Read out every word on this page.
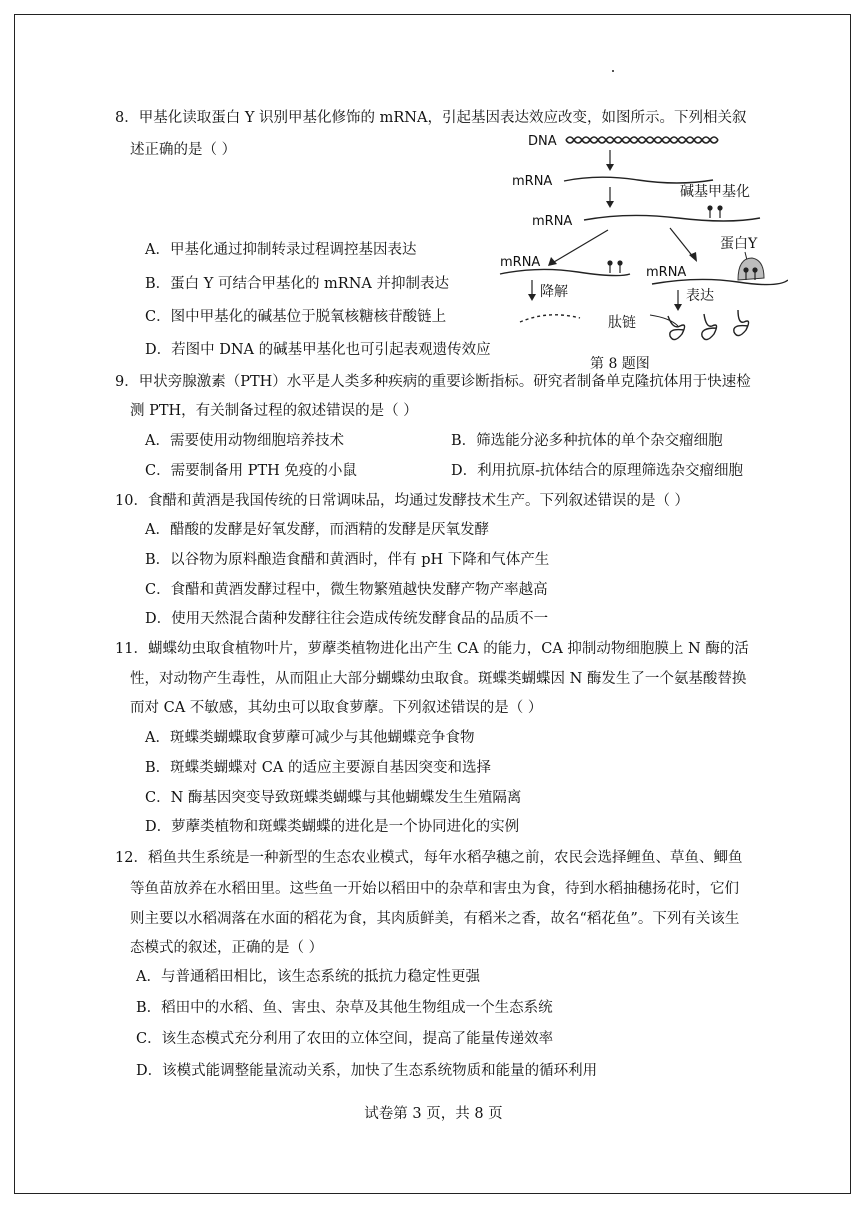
8．甲基化读取蛋白 Y 识别甲基化修饰的 mRNA，引起基因表达效应改变，如图所示。下列相关叙
述正确的是（ ）
A．甲基化通过抑制转录过程调控基因表达
B．蛋白 Y 可结合甲基化的 mRNA 并抑制表达
C．图中甲基化的碱基位于脱氧核糖核苷酸链上
D．若图中 DNA 的碱基甲基化也可引起表观遗传效应
DNA
mRNA
碱基甲基化
mRNA
蛋白Y
mRNA
mRNA
降解	表达
肽链
第 8 题图
9．甲状旁腺激素（PTH）水平是人类多种疾病的重要诊断指标。研究者制备单克隆抗体用于快速检
测 PTH，有关制备过程的叙述错误的是（ ）
A．需要使用动物细胞培养技术	B．筛选能分泌多种抗体的单个杂交瘤细胞
C．需要制备用 PTH 免疫的小鼠	D．利用抗原-抗体结合的原理筛选杂交瘤细胞
10．食醋和黄酒是我国传统的日常调味品，均通过发酵技术生产。下列叙述错误的是（ ）
A．醋酸的发酵是好氧发酵，而酒精的发酵是厌氧发酵
B．以谷物为原料酿造食醋和黄酒时，伴有 pH 下降和气体产生
C．食醋和黄酒发酵过程中，微生物繁殖越快发酵产物产率越高
D．使用天然混合菌种发酵往往会造成传统发酵食品的品质不一
11．蝴蝶幼虫取食植物叶片，萝藦类植物进化出产生 CA 的能力，CA 抑制动物细胞膜上 N 酶的活
性，对动物产生毒性，从而阻止大部分蝴蝶幼虫取食。斑蝶类蝴蝶因 N 酶发生了一个氨基酸替换
而对 CA 不敏感，其幼虫可以取食萝藦。下列叙述错误的是（ ）
A．斑蝶类蝴蝶取食萝藦可减少与其他蝴蝶竞争食物
B．斑蝶类蝴蝶对 CA 的适应主要源自基因突变和选择
C．N 酶基因突变导致斑蝶类蝴蝶与其他蝴蝶发生生殖隔离
D．萝藦类植物和斑蝶类蝴蝶的进化是一个协同进化的实例
12．稻鱼共生系统是一种新型的生态农业模式，每年水稻孕穗之前，农民会选择鲤鱼、草鱼、鲫鱼
等鱼苗放养在水稻田里。这些鱼一开始以稻田中的杂草和害虫为食，待到水稻抽穗扬花时，它们
则主要以水稻凋落在水面的稻花为食，其肉质鲜美，有稻米之香，故名“稻花鱼”。下列有关该生
态模式的叙述，正确的是（ ）
A．与普通稻田相比，该生态系统的抵抗力稳定性更强
B．稻田中的水稻、鱼、害虫、杂草及其他生物组成一个生态系统
C．该生态模式充分利用了农田的立体空间，提高了能量传递效率
D．该模式能调整能量流动关系，加快了生态系统物质和能量的循环利用
试卷第 3 页，共 8 页
